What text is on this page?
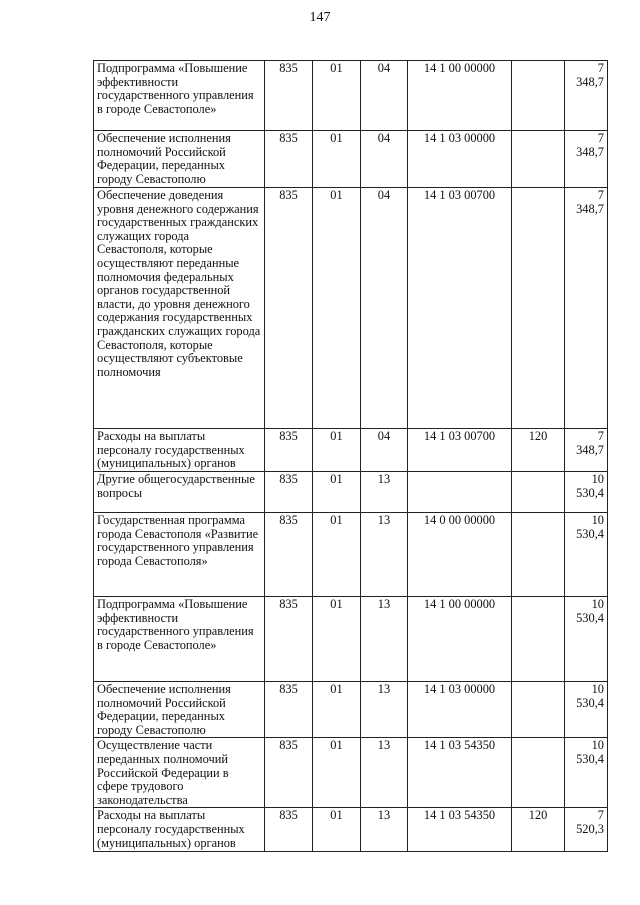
147
Подпрограмма «Повышение эффективности государственного управления в городе Севастополе»	835	01	04	14 1 00 00000		7 348,7
Обеспечение исполнения полномочий Российской Федерации, переданных городу Севастополю	835	01	04	14 1 03 00000		7 348,7
Обеспечение доведения уровня денежного содержания государственных гражданских служащих города Севастополя, которые осуществляют переданные полномочия федеральных органов государственной власти, до уровня денежного содержания государственных гражданских служащих города Севастополя, которые осуществляют субъектовые полномочия	835	01	04	14 1 03 00700		7 348,7
Расходы на выплаты персоналу государственных (муниципальных) органов	835	01	04	14 1 03 00700	120	7 348,7
Другие общегосударственные вопросы	835	01	13			10 530,4
Государственная программа города Севастополя «Развитие государственного управления города Севастополя»	835	01	13	14 0 00 00000		10 530,4
Подпрограмма «Повышение эффективности государственного управления в городе Севастополе»	835	01	13	14 1 00 00000		10 530,4
Обеспечение исполнения полномочий Российской Федерации, переданных городу Севастополю	835	01	13	14 1 03 00000		10 530,4
Осуществление части переданных полномочий Российской Федерации в сфере трудового законодательства	835	01	13	14 1 03 54350		10 530,4
Расходы на выплаты персоналу государственных (муниципальных) органов	835	01	13	14 1 03 54350	120	7 520,3
